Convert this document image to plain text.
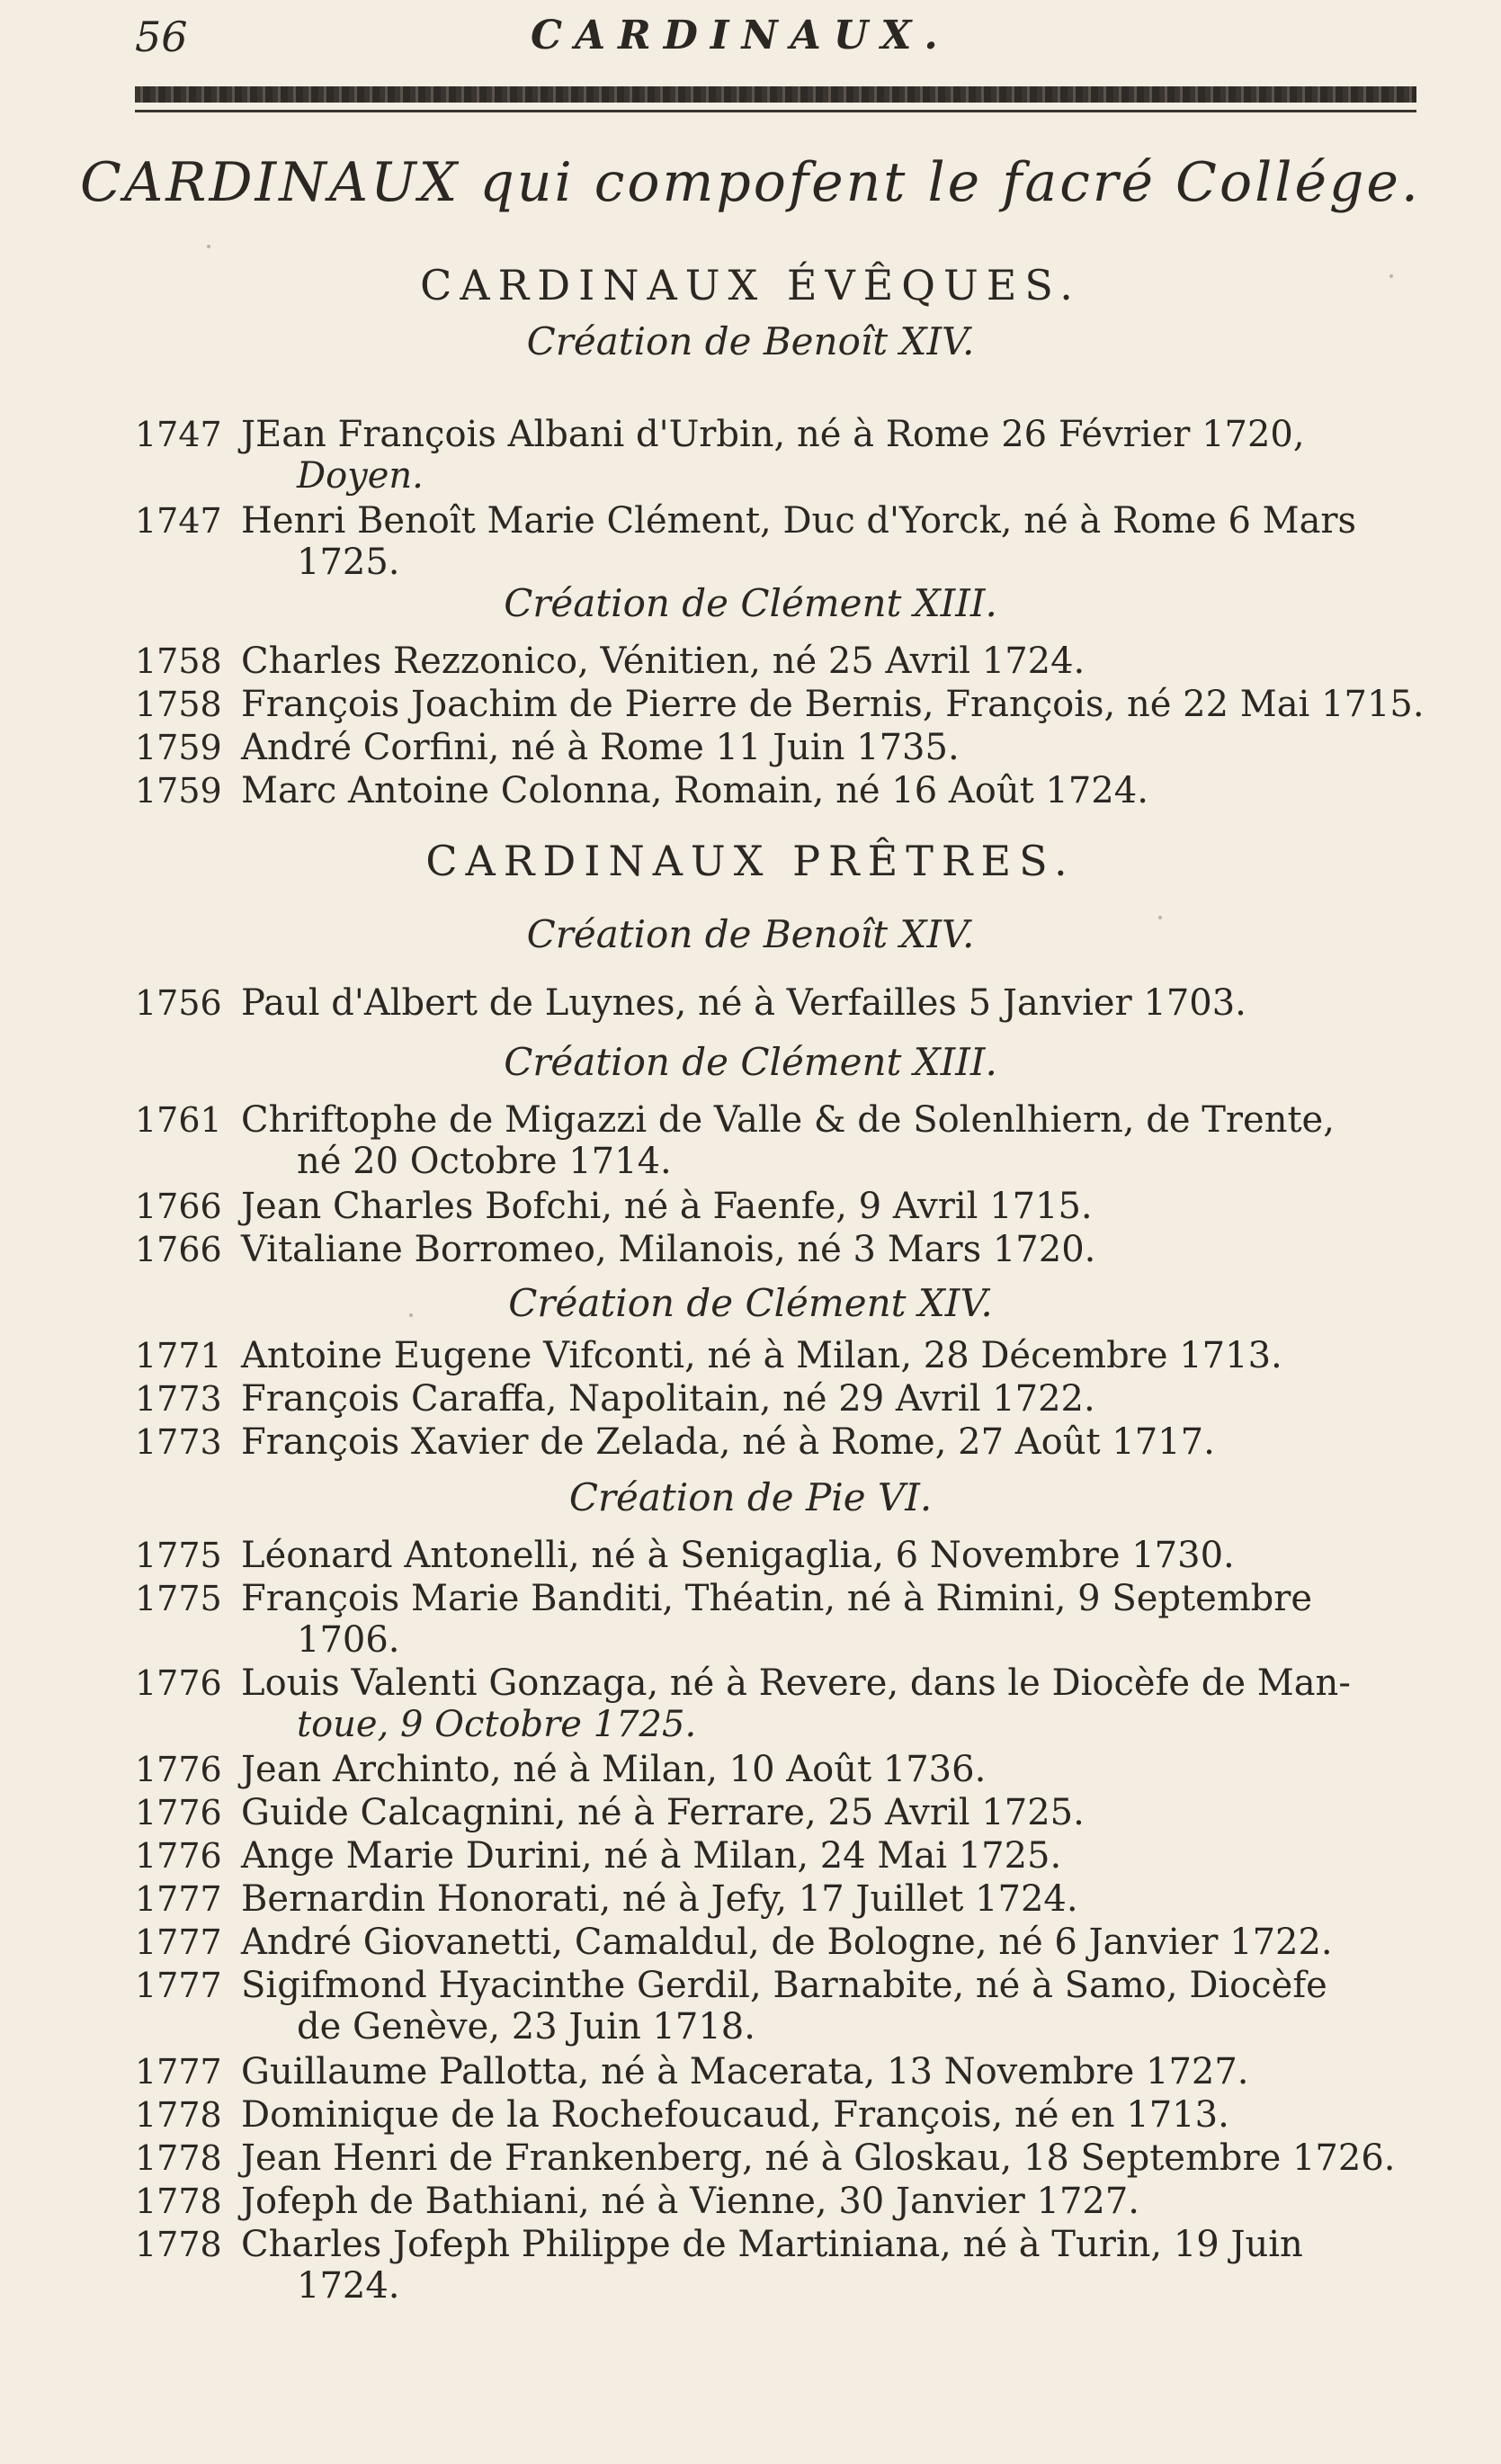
56	CARDINAUX.
CARDINAUX qui compofent le facré Collége.
CARDINAUX ÉVÊQUES.
Création de Benoît XIV.
1747 JEan François Albani d'Urbin, né à Rome 26 Février 1720,
Doyen.
1747 Henri Benoît Marie Clément, Duc d'Yorck, né à Rome 6 Mars
1725.
Création de Clément XIII.
1758 Charles Rezzonico, Vénitien, né 25 Avril 1724.
1758 François Joachim de Pierre de Bernis, François, né 22 Mai 1715.
1759 André Corfini, né à Rome 11 Juin 1735.
1759 Marc Antoine Colonna, Romain, né 16 Août 1724.
CARDINAUX PRÊTRES.
Création de Benoît XIV.
1756 Paul d'Albert de Luynes, né à Verfailles 5 Janvier 1703.
Création de Clément XIII.
1761 Chriftophe de Migazzi de Valle & de Solenlhiern, de Trente,
né 20 Octobre 1714.
1766 Jean Charles Bofchi, né à Faenfe, 9 Avril 1715.
1766 Vitaliane Borromeo, Milanois, né 3 Mars 1720.
Création de Clément XIV.
1771 Antoine Eugene Vifconti, né à Milan, 28 Décembre 1713.
1773 François Caraffa, Napolitain, né 29 Avril 1722.
1773 François Xavier de Zelada, né à Rome, 27 Août 1717.
Création de Pie VI.
1775 Léonard Antonelli, né à Senigaglia, 6 Novembre 1730.
1775 François Marie Banditi, Théatin, né à Rimini, 9 Septembre
1706.
1776 Louis Valenti Gonzaga, né à Revere, dans le Diocèfe de Man-
toue, 9 Octobre 1725.
1776 Jean Archinto, né à Milan, 10 Août 1736.
1776 Guide Calcagnini, né à Ferrare, 25 Avril 1725.
1776 Ange Marie Durini, né à Milan, 24 Mai 1725.
1777 Bernardin Honorati, né à Jefy, 17 Juillet 1724.
1777 André Giovanetti, Camaldul, de Bologne, né 6 Janvier 1722.
1777 Sigifmond Hyacinthe Gerdil, Barnabite, né à Samo, Diocèfe
de Genève, 23 Juin 1718.
1777 Guillaume Pallotta, né à Macerata, 13 Novembre 1727.
1778 Dominique de la Rochefoucaud, François, né en 1713.
1778 Jean Henri de Frankenberg, né à Gloskau, 18 Septembre 1726.
1778 Jofeph de Bathiani, né à Vienne, 30 Janvier 1727.
1778 Charles Jofeph Philippe de Martiniana, né à Turin, 19 Juin
1724.
